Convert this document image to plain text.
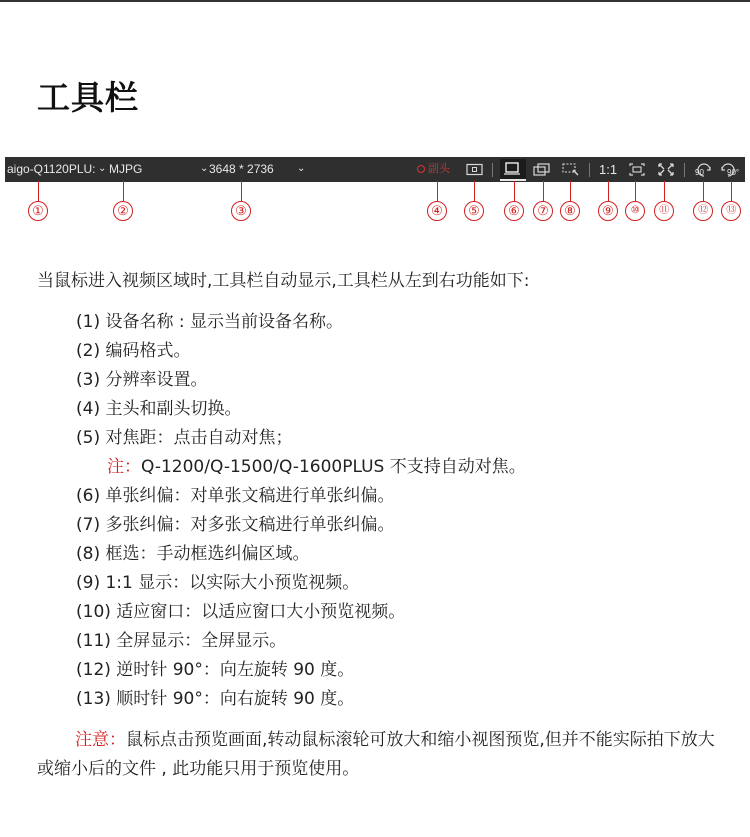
工具栏
aigo-Q1120PLU: ⌄ MJPG	⌄ 3648 * 2736 ⌄	副头	1:1	90	90°
①	②	③	④	⑤	⑥	⑦	⑧	⑨	⑩	⑪	⑫	⑬
当鼠标进入视频区域时,工具栏自动显示,工具栏从左到右功能如下:
(1) 设备名称 : 显示当前设备名称。
(2) 编码格式。
(3) 分辨率设置。
(4) 主头和副头切换。
(5) 对焦距：点击自动对焦；
注：Q-1200/Q-1500/Q-1600PLUS 不支持自动对焦。
(6) 单张纠偏：对单张文稿进行单张纠偏。
(7) 多张纠偏：对多张文稿进行单张纠偏。
(8) 框选：手动框选纠偏区域。
(9) 1:1 显示：以实际大小预览视频。
(10) 适应窗口：以适应窗口大小预览视频。
(11) 全屏显示：全屏显示。
(12) 逆时针 90°：向左旋转 90 度。
(13) 顺时针 90°：向右旋转 90 度。
注意：鼠标点击预览画面,转动鼠标滚轮可放大和缩小视图预览,但并不能实际拍下放大或缩小后的文件 , 此功能只用于预览使用。
